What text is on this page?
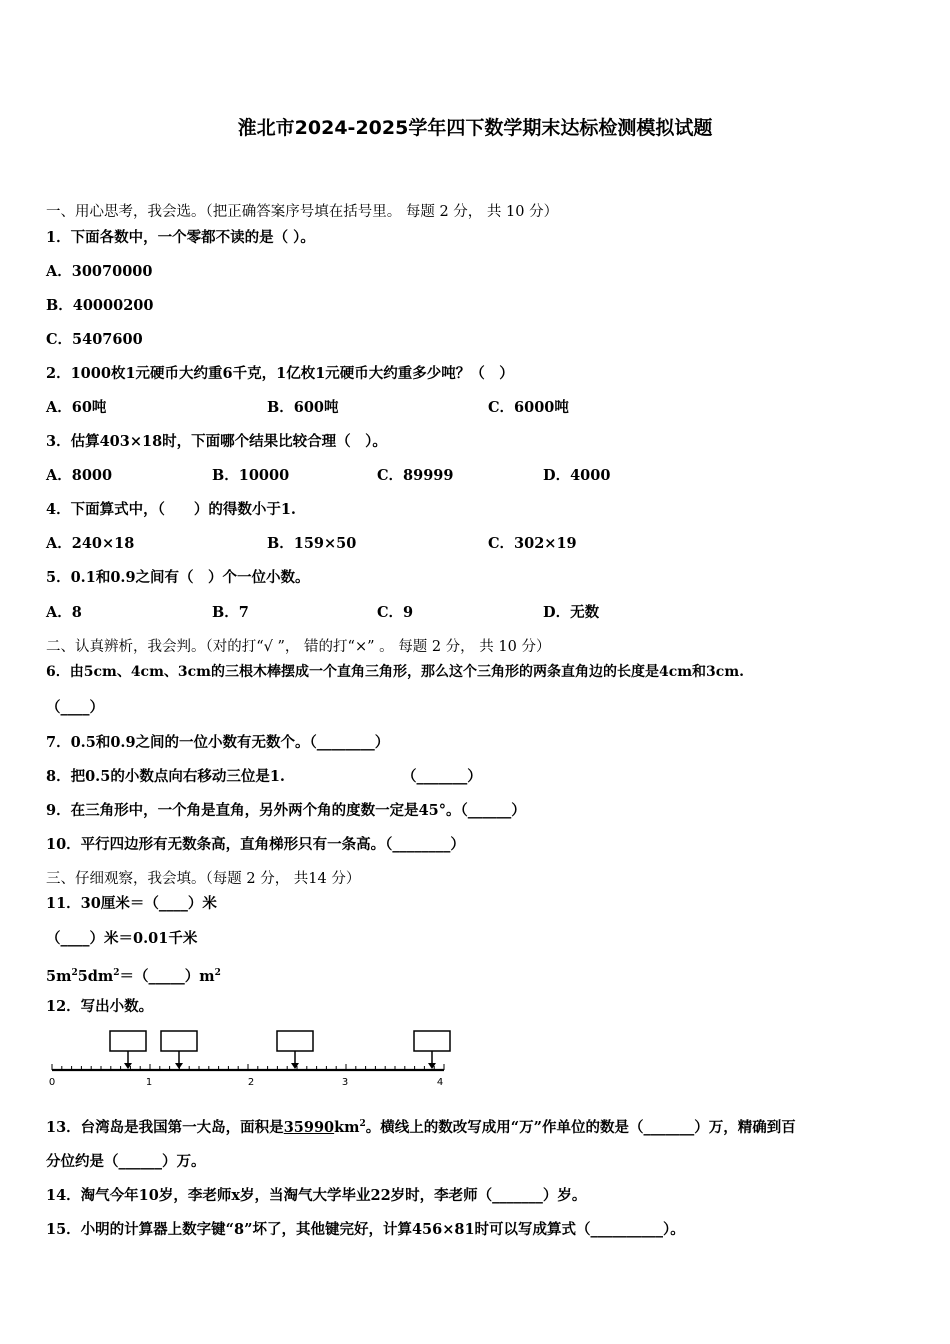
淮北市2024-2025学年四下数学期末达标检测模拟试题
一、用心思考，我会选。（把正确答案序号填在括号里。 每题 2 分， 共 10 分）
1．下面各数中，一个零都不读的是（ ）。
A．30070000
B．40000200
C．5407600
2．1000枚1元硬币大约重6千克，1亿枚1元硬币大约重多少吨？（　）
A．60吨	B．600吨	C．6000吨
3．估算403×18时，下面哪个结果比较合理（　）。
A．8000	B．10000	C．89999	D．4000
4．下面算式中，（　　）的得数小于1.
A．240×18	B．159×50	C．302×19
5．0.1和0.9之间有（　）个一位小数。
A．8	B．7	C．9	D．无数
二、认真辨析，我会判。（对的打“√ ”， 错的打“×” 。 每题 2 分， 共 10 分）
6．由5cm、4cm、3cm的三根木棒摆成一个直角三角形，那么这个三角形的两条直角边的长度是4cm和3cm.
（____）
7．0.5和0.9之间的一位小数有无数个。（________）
8．把0.5的小数点向右移动三位是1.	（_______）
9．在三角形中，一个角是直角，另外两个角的度数一定是45°。（______）
10．平行四边形有无数条高，直角梯形只有一条高。（________）
三、仔细观察，我会填。（每题 2 分， 共14 分）
11．30厘米＝（____）米
（____）米＝0.01千米
$5m^25dm^2=(\_\_\_\_\_)m^2$
12．写出小数。
0	1	2	3	4
13．台湾岛是我国第一大岛，面积是$35990km^2$。横线上的数改写成用“万”作单位的数是（_______）万，精确到百
分位约是（______）万。
14．淘气今年10岁，李老师x岁，当淘气大学毕业22岁时，李老师（_______）岁。
15．小明的计算器上数字键“8”坏了，其他键完好，计算456×81时可以写成算式（__________）。
